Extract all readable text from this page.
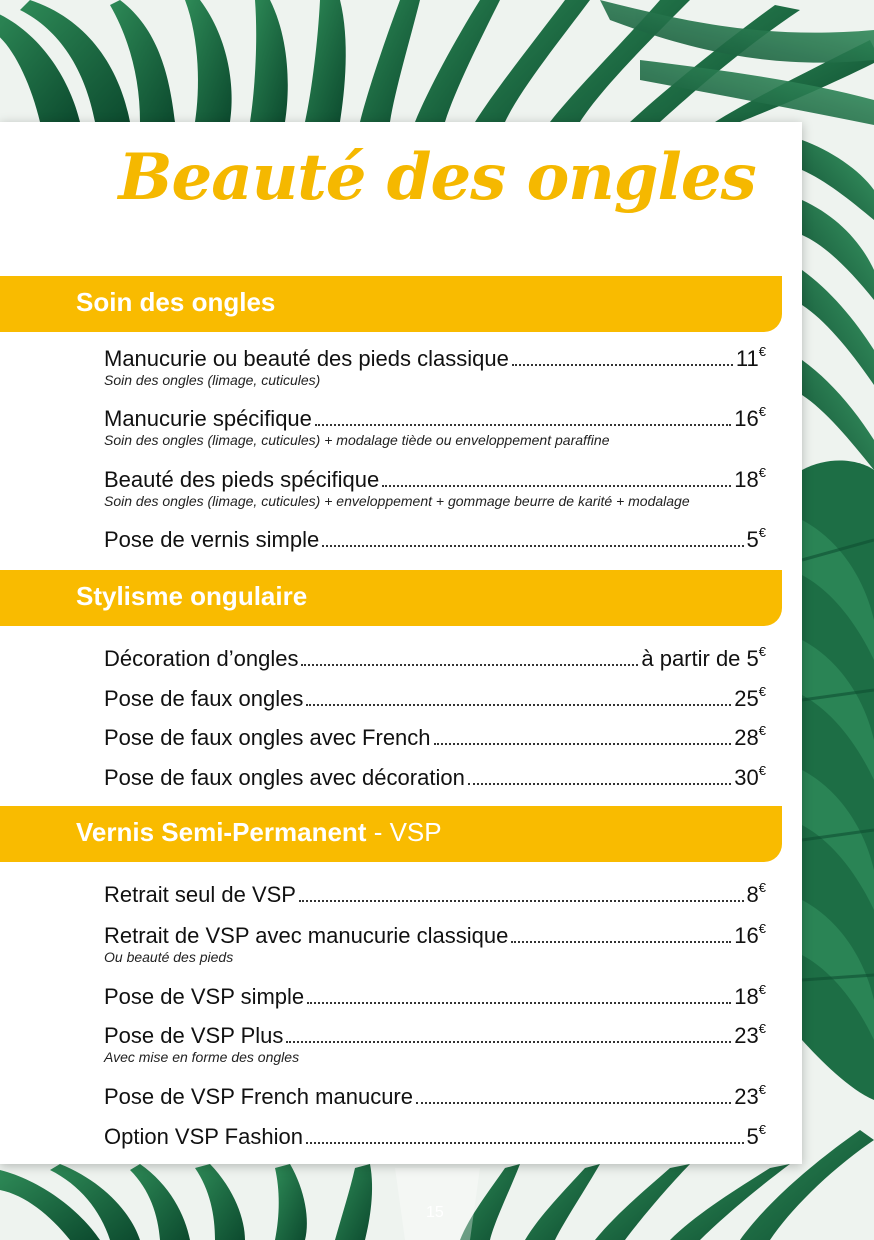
Beauté des ongles
Soin des ongles
Manucurie ou beauté des pieds classique	11€
Soin des ongles (limage, cuticules)
Manucurie spécifique	16€
Soin des ongles (limage, cuticules) + modalage tiède ou enveloppement paraffine
Beauté des pieds spécifique	18€
Soin des ongles (limage, cuticules) + enveloppement + gommage beurre de karité + modalage
Pose de vernis simple	5€
Stylisme ongulaire
Décoration d’ongles	à partir de 5€
Pose de faux ongles	25€
Pose de faux ongles avec French	28€
Pose de faux ongles avec décoration	30€
Vernis Semi-Permanent - VSP
Retrait seul de VSP	8€
Retrait de VSP avec manucurie classique	16€
Ou beauté des pieds
Pose de VSP simple	18€
Pose de VSP Plus	23€
Avec mise en forme des ongles
Pose de VSP French manucure	23€
Option VSP Fashion	5€
15
